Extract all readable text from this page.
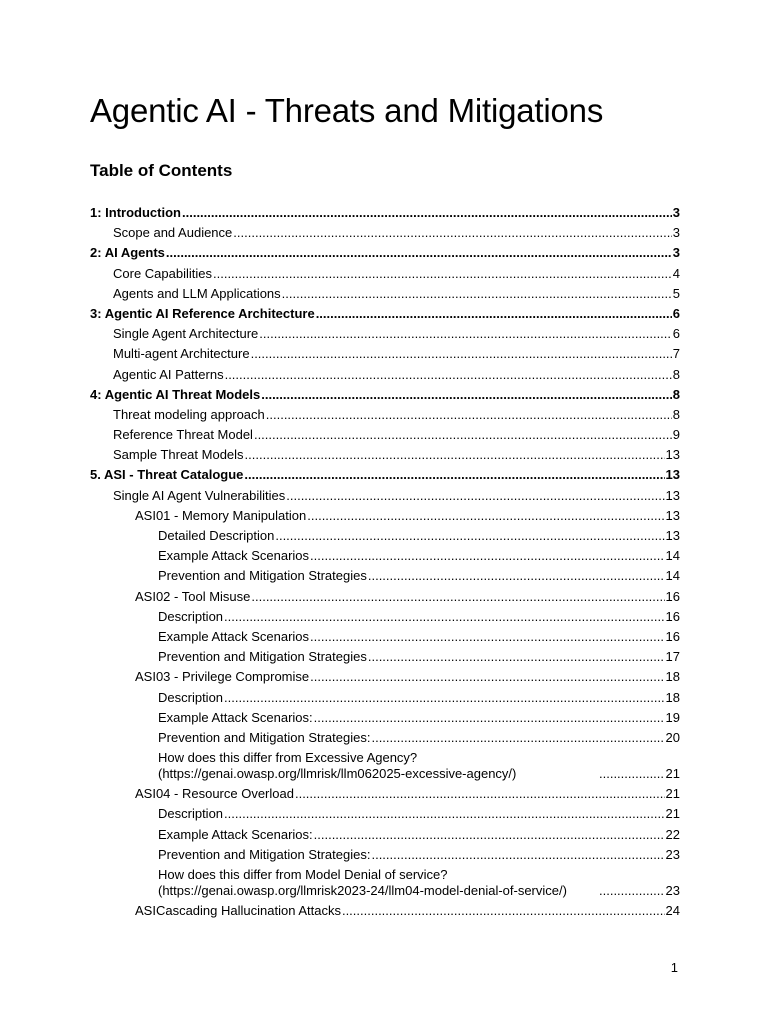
Agentic AI - Threats and Mitigations
Table of Contents
1: Introduction .....	3
Scope and Audience .....	3
2: AI Agents .....	3
Core Capabilities .....	4
Agents and LLM Applications .....	5
3: Agentic AI Reference Architecture .....	6
Single Agent Architecture .....	6
Multi-agent Architecture .....	7
Agentic AI Patterns .....	8
4: Agentic AI Threat Models .....	8
Threat modeling approach .....	8
Reference Threat Model .....	9
Sample Threat Models .....	13
5. ASI - Threat Catalogue .....	13
Single AI Agent Vulnerabilities .....	13
ASI01 - Memory Manipulation .....	13
Detailed Description .....	13
Example Attack Scenarios .....	14
Prevention and Mitigation Strategies .....	14
ASI02 - Tool Misuse .....	16
Description .....	16
Example Attack Scenarios .....	16
Prevention and Mitigation Strategies .....	17
ASI03 - Privilege Compromise .....	18
Description .....	18
Example Attack Scenarios: .....	19
Prevention and Mitigation Strategies: .....	20
How does this differ from Excessive Agency? (https://genai.owasp.org/llmrisk/llm062025-excessive-agency/) .....	21
ASI04 - Resource Overload .....	21
Description .....	21
Example Attack Scenarios: .....	22
Prevention and Mitigation Strategies: .....	23
How does this differ from Model Denial of service? (https://genai.owasp.org/llmrisk2023-24/llm04-model-denial-of-service/) .....	23
ASICascading Hallucination Attacks .....	24
1
